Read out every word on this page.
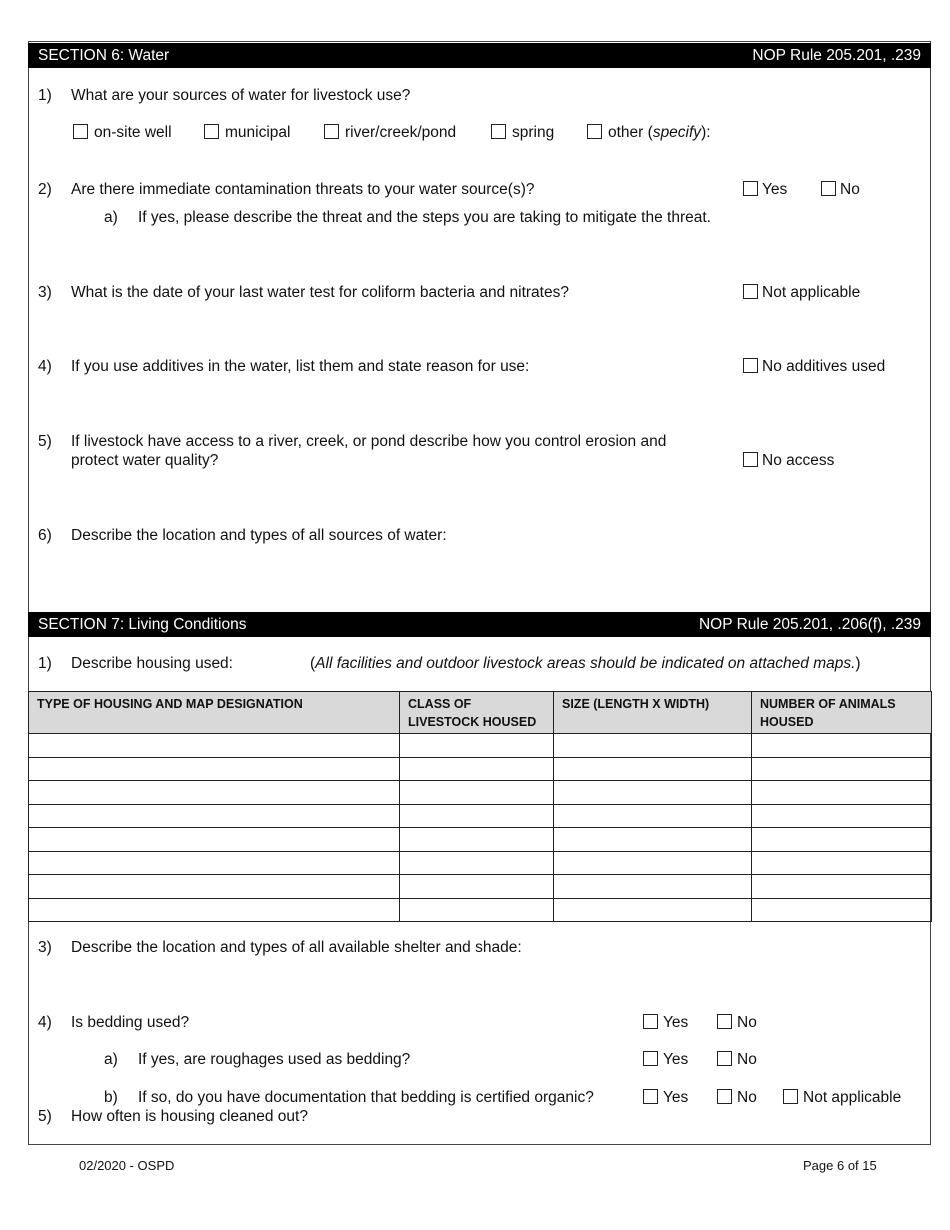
SECTION 6: Water	NOP Rule 205.201, .239
1) What are your sources of water for livestock use?
on-site well	municipal	river/creek/pond	spring	other (specify):
2) Are there immediate contamination threats to your water source(s)?	Yes	No
a) If yes, please describe the threat and the steps you are taking to mitigate the threat.
3) What is the date of your last water test for coliform bacteria and nitrates?	Not applicable
4) If you use additives in the water, list them and state reason for use:	No additives used
5) If livestock have access to a river, creek, or pond describe how you control erosion and
protect water quality?	No access
6) Describe the location and types of all sources of water:
SECTION 7: Living Conditions	NOP Rule 205.201, .206(f), .239
1) Describe housing used:	(All facilities and outdoor livestock areas should be indicated on attached maps.)
TYPE OF HOUSING AND MAP DESIGNATION	CLASS OF LIVESTOCK HOUSED	SIZE (LENGTH X WIDTH)	NUMBER OF ANIMALS HOUSED

3) Describe the location and types of all available shelter and shade:
4) Is bedding used?	Yes	No
a) If yes, are roughages used as bedding?	Yes	No
b) If so, do you have documentation that bedding is certified organic?	Yes	No	Not applicable
5) How often is housing cleaned out?
02/2020 - OSPD	Page 6 of 15
